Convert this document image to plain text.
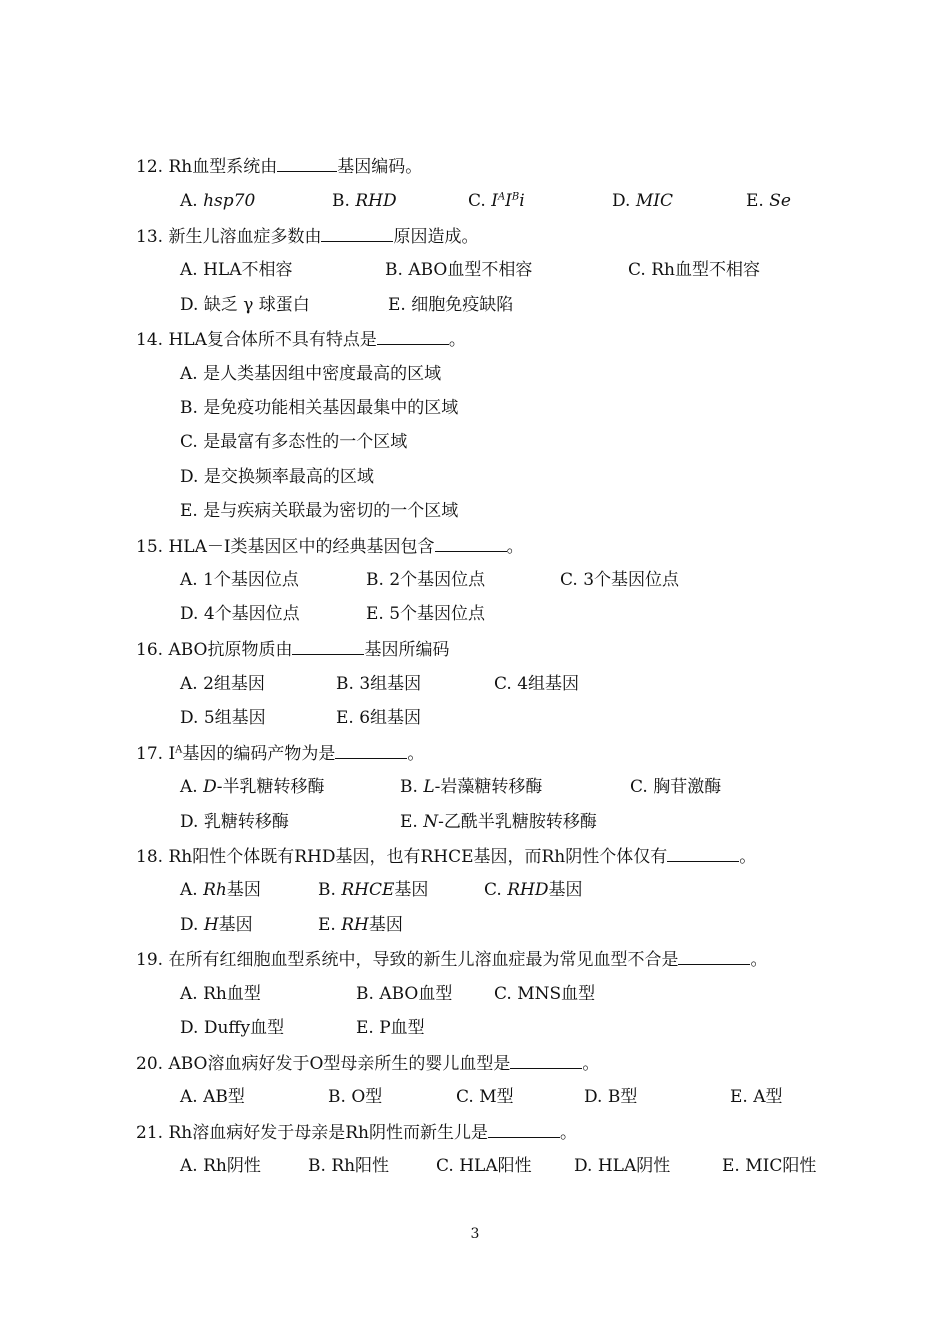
12. Rh血型系统由	基因编码。
A. hsp70	B. RHD	C. $I^AI^Bi$	D. MIC	E. Se
13. 新生儿溶血症多数由	原因造成。
A. HLA不相容	B. ABO血型不相容	C. Rh血型不相容
D. 缺乏 γ 球蛋白	E. 细胞免疫缺陷
14. HLA复合体所不具有特点是	。
A. 是人类基因组中密度最高的区域
B. 是免疫功能相关基因最集中的区域
C. 是最富有多态性的一个区域
D. 是交换频率最高的区域
E. 是与疾病关联最为密切的一个区域
15. HLA－I类基因区中的经典基因包含	。
A. 1个基因位点	B. 2个基因位点	C. 3个基因位点
D. 4个基因位点	E. 5个基因位点
16. ABO抗原物质由	基因所编码
A. 2组基因	B. 3组基因	C. 4组基因
D. 5组基因	E. 6组基因
17. $I^A$基因的编码产物为是	。
A. D-半乳糖转移酶	B. L-岩藻糖转移酶	C. 胸苷激酶
D. 乳糖转移酶	E. N-乙酰半乳糖胺转移酶
18. Rh阳性个体既有RHD基因，也有RHCE基因，而Rh阴性个体仅有	。
A. Rh基因	B. RHCE基因	C. RHD基因
D. H基因	E. RH基因
19. 在所有红细胞血型系统中，导致的新生儿溶血症最为常见血型不合是	。
A. Rh血型	B. ABO血型 C. MNS血型
D. Duffy血型	E. P血型
20. ABO溶血病好发于O型母亲所生的婴儿血型是	。
A. AB型	B. O型	C. M型	D. B型	E. A型
21. Rh溶血病好发于母亲是Rh阴性而新生儿是	。
A. Rh阴性	B. Rh阳性	C. HLA阳性 D. HLA阴性	E. MIC阳性
3
